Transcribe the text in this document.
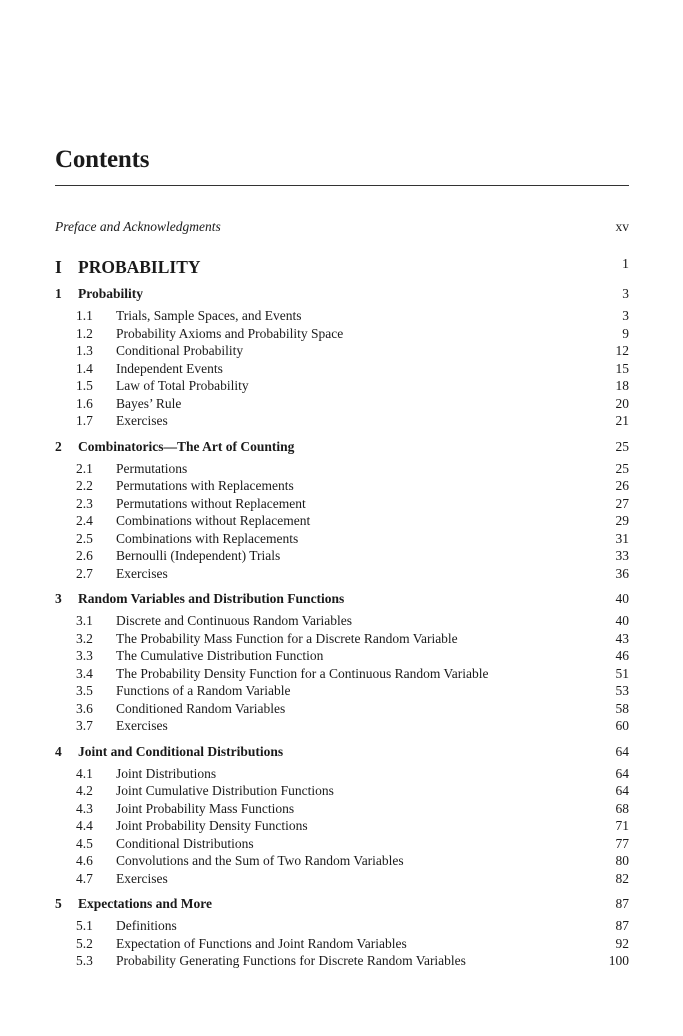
Contents
Preface and Acknowledgments	xv
I PROBABILITY	1
1	Probability	3
1.1	Trials, Sample Spaces, and Events	3
1.2	Probability Axioms and Probability Space	9
1.3	Conditional Probability	12
1.4	Independent Events	15
1.5	Law of Total Probability	18
1.6	Bayes’ Rule	20
1.7	Exercises	21
2	Combinatorics—The Art of Counting	25
2.1	Permutations	25
2.2	Permutations with Replacements	26
2.3	Permutations without Replacement	27
2.4	Combinations without Replacement	29
2.5	Combinations with Replacements	31
2.6	Bernoulli (Independent) Trials	33
2.7	Exercises	36
3	Random Variables and Distribution Functions	40
3.1	Discrete and Continuous Random Variables	40
3.2	The Probability Mass Function for a Discrete Random Variable	43
3.3	The Cumulative Distribution Function	46
3.4	The Probability Density Function for a Continuous Random Variable	51
3.5	Functions of a Random Variable	53
3.6	Conditioned Random Variables	58
3.7	Exercises	60
4	Joint and Conditional Distributions	64
4.1	Joint Distributions	64
4.2	Joint Cumulative Distribution Functions	64
4.3	Joint Probability Mass Functions	68
4.4	Joint Probability Density Functions	71
4.5	Conditional Distributions	77
4.6	Convolutions and the Sum of Two Random Variables	80
4.7	Exercises	82
5	Expectations and More	87
5.1	Definitions	87
5.2	Expectation of Functions and Joint Random Variables	92
5.3	Probability Generating Functions for Discrete Random Variables	100
